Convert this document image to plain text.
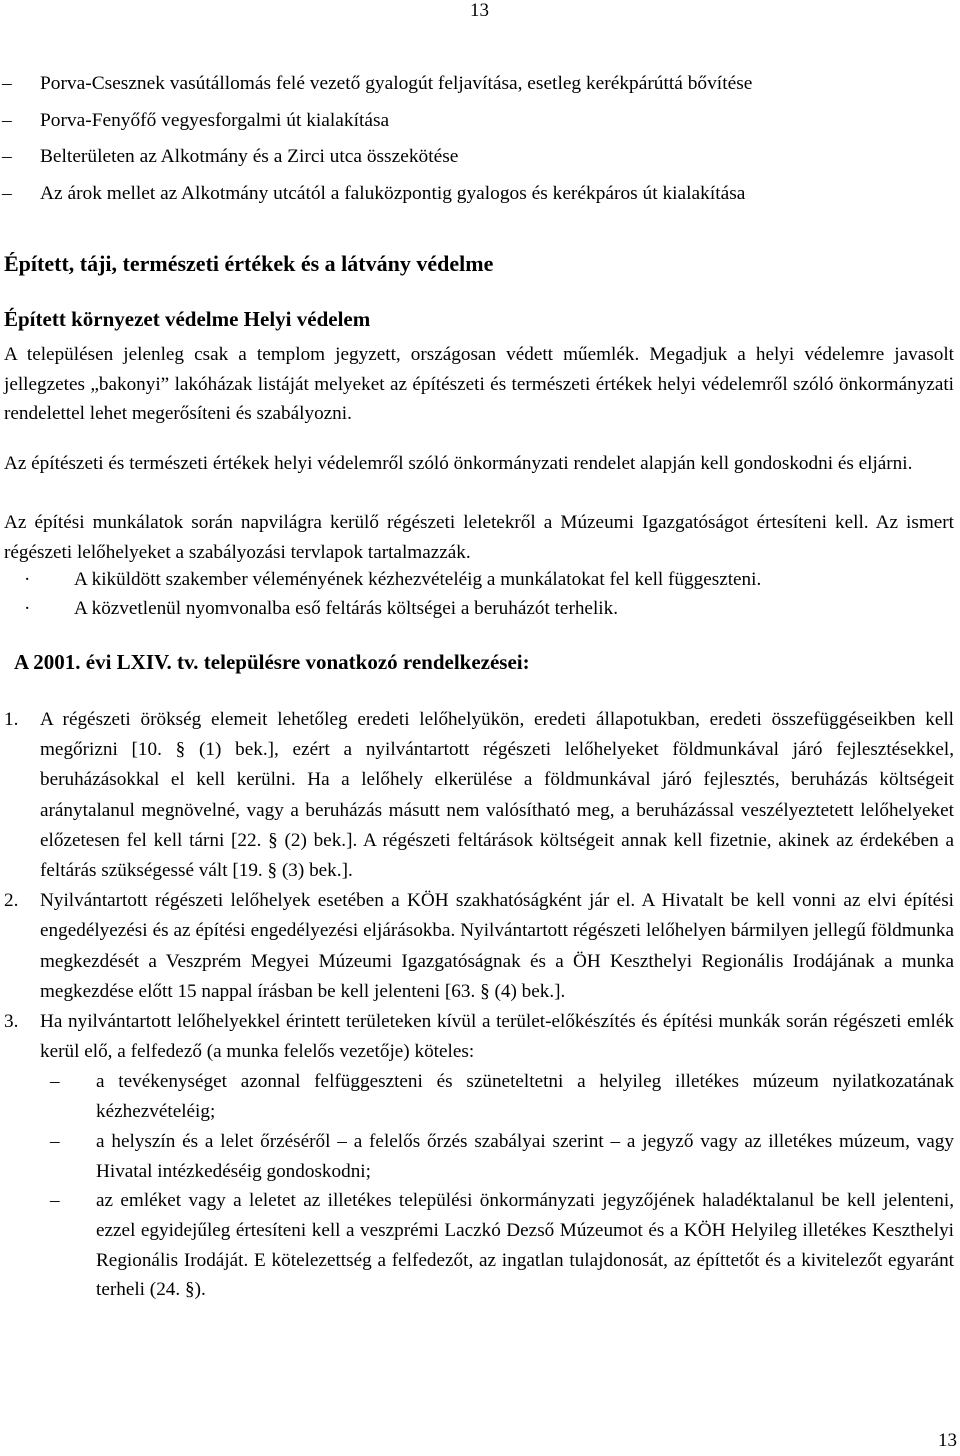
13
– Porva-Csesznek vasútállomás felé vezető gyalogút feljavítása, esetleg kerékpárúttá bővítése
– Porva-Fenyőfő vegyesforgalmi út kialakítása
– Belterületen az Alkotmány és a Zirci utca összekötése
– Az árok mellet az Alkotmány utcától a faluközpontig gyalogos és kerékpáros út kialakítása
Épített, táji, természeti értékek és a látvány védelme
Épített környezet védelme Helyi védelem

A településen jelenleg csak a templom jegyzett, országosan védett műemlék. Megadjuk a helyi védelemre javasolt jellegzetes „bakonyi” lakóházak listáját melyeket az építészeti és természeti értékek helyi védelemről szóló önkormányzati rendelettel lehet megerősíteni és szabályozni.

Az építészeti és természeti értékek helyi védelemről szóló önkormányzati rendelet alapján kell gondoskodni és eljárni.

Az építési munkálatok során napvilágra kerülő régészeti leletekről a Múzeumi Igazgatóságot értesíteni kell. Az ismert régészeti lelőhelyeket a szabályozási tervlapok tartalmazzák.

· A kiküldött szakember véleményének kézhezvételéig a munkálatokat fel kell függeszteni.
· A közvetlenül nyomvonalba eső feltárás költségei a beruházót terhelik.
A 2001. évi LXIV. tv. településre vonatkozó rendelkezései:
1. A régészeti örökség elemeit lehetőleg eredeti lelőhelyükön, eredeti állapotukban, eredeti összefüggéseikben kell megőrizni [10. § (1) bek.], ezért a nyilvántartott régészeti lelőhelyeket földmunkával járó fejlesztésekkel, beruházásokkal el kell kerülni. Ha a lelőhely elkerülése a földmunkával járó fejlesztés, beruházás költségeit aránytalanul megnövelné, vagy a beruházás másutt nem valósítható meg, a beruházással veszélyeztetett lelőhelyeket előzetesen fel kell tárni [22. § (2) bek.]. A régészeti feltárások költségeit annak kell fizetnie, akinek az érdekében a feltárás szükségessé vált [19. § (3) bek.].
2. Nyilvántartott régészeti lelőhelyek esetében a KÖH szakhatóságként jár el. A Hivatalt be kell vonni az elvi építési engedélyezési és az építési engedélyezési eljárásokba. Nyilvántartott régészeti lelőhelyen bármilyen jellegű földmunka megkezdését a Veszprém Megyei Múzeumi Igazgatóságnak és a ÖH Keszthelyi Regionális Irodájának a munka megkezdése előtt 15 nappal írásban be kell jelenteni [63. § (4) bek.].
3. Ha nyilvántartott lelőhelyekkel érintett területeken kívül a terület-előkészítés és építési munkák során régészeti emlék kerül elő, a felfedező (a munka felelős vezetője) köteles:
– a tevékenységet azonnal felfüggeszteni és szüneteltetni a helyileg illetékes múzeum nyilatkozatának kézhezvételéig;
– a helyszín és a lelet őrzéséről – a felelős őrzés szabályai szerint – a jegyző vagy az illetékes múzeum, vagy Hivatal intézkedéséig gondoskodni;
– az emléket vagy a leletet az illetékes települési önkormányzati jegyzőjének haladéktalanul be kell jelenteni, ezzel egyidejűleg értesíteni kell a veszprémi Laczkó Dezső Múzeumot és a KÖH Helyileg illetékes Keszthelyi Regionális Irodáját. E kötelezettség a felfedezőt, az ingatlan tulajdonosát, az építtetőt és a kivitelezőt egyaránt terheli (24. §).
13
